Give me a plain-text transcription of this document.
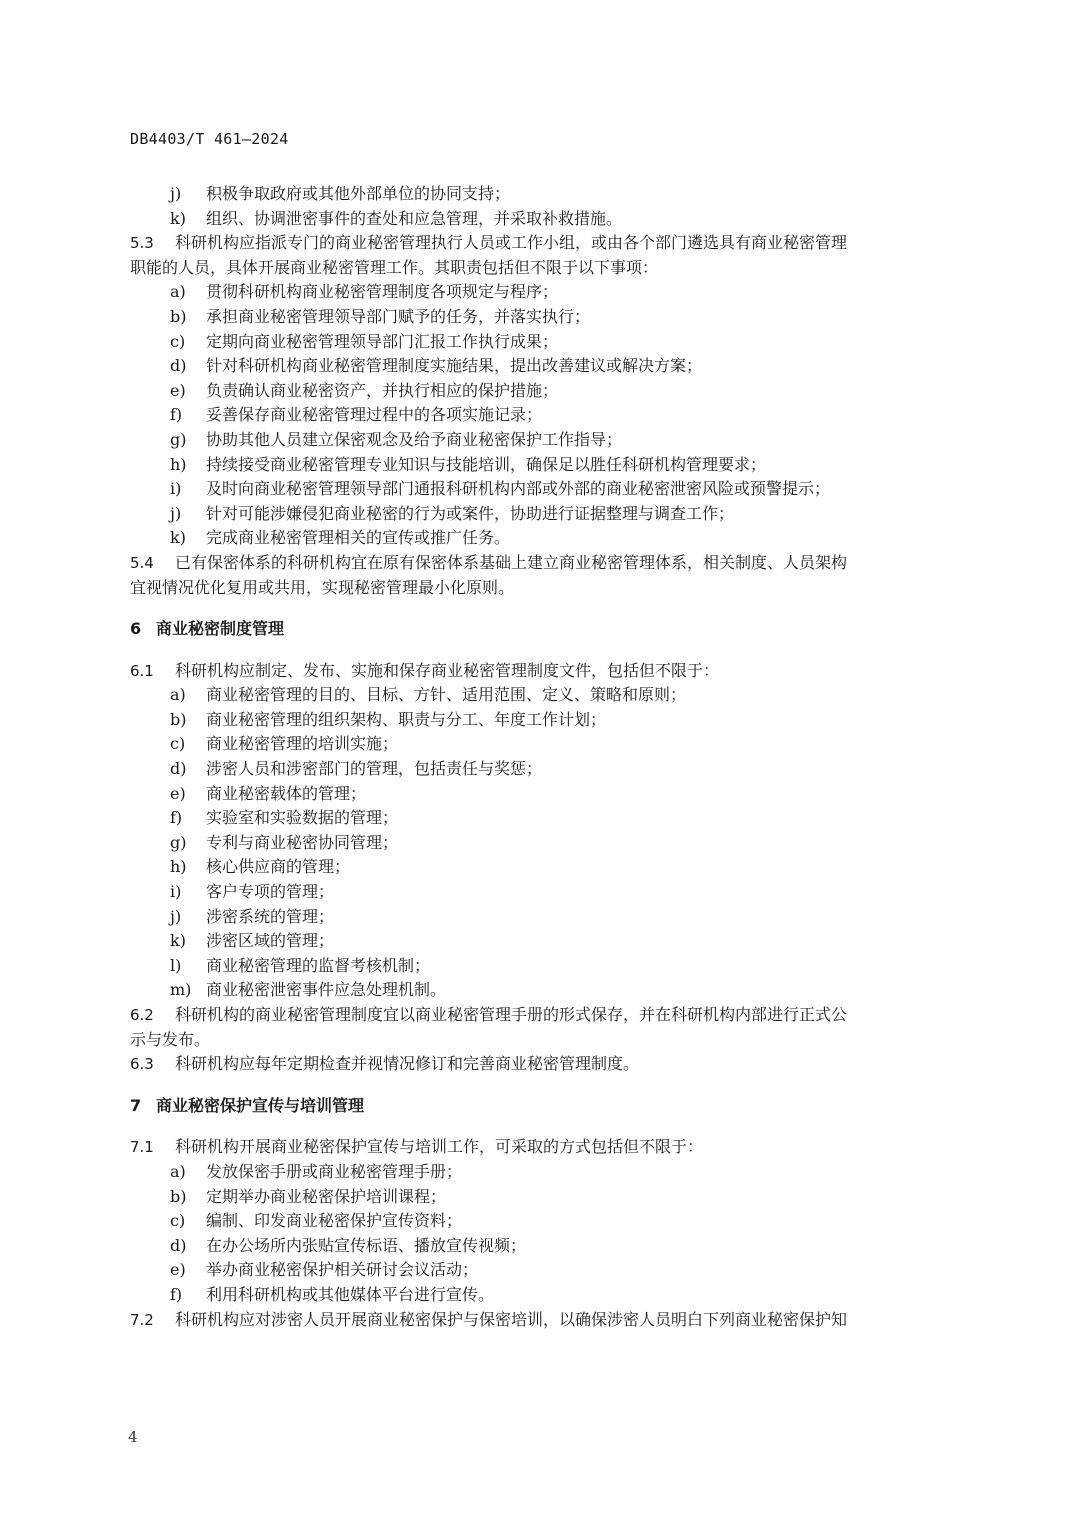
DB4403/T 461—2024
j)	积极争取政府或其他外部单位的协同支持；
k)	组织、协调泄密事件的查处和应急管理，并采取补救措施。
5.3	科研机构应指派专门的商业秘密管理执行人员或工作小组，或由各个部门遴选具有商业秘密管理
职能的人员，具体开展商业秘密管理工作。其职责包括但不限于以下事项：
a)	贯彻科研机构商业秘密管理制度各项规定与程序；
b)	承担商业秘密管理领导部门赋予的任务，并落实执行；
c)	定期向商业秘密管理领导部门汇报工作执行成果；
d)	针对科研机构商业秘密管理制度实施结果，提出改善建议或解决方案；
e)	负责确认商业秘密资产，并执行相应的保护措施；
f)	妥善保存商业秘密管理过程中的各项实施记录；
g)	协助其他人员建立保密观念及给予商业秘密保护工作指导；
h)	持续接受商业秘密管理专业知识与技能培训，确保足以胜任科研机构管理要求；
i)	及时向商业秘密管理领导部门通报科研机构内部或外部的商业秘密泄密风险或预警提示；
j)	针对可能涉嫌侵犯商业秘密的行为或案件，协助进行证据整理与调查工作；
k)	完成商业秘密管理相关的宣传或推广任务。
5.4	已有保密体系的科研机构宜在原有保密体系基础上建立商业秘密管理体系，相关制度、人员架构
宜视情况优化复用或共用，实现秘密管理最小化原则。
6 商业秘密制度管理
6.1	科研机构应制定、发布、实施和保存商业秘密管理制度文件，包括但不限于：
a)	商业秘密管理的目的、目标、方针、适用范围、定义、策略和原则；
b)	商业秘密管理的组织架构、职责与分工、年度工作计划；
c)	商业秘密管理的培训实施；
d)	涉密人员和涉密部门的管理，包括责任与奖惩；
e)	商业秘密载体的管理；
f)	实验室和实验数据的管理；
g)	专利与商业秘密协同管理；
h)	核心供应商的管理；
i)	客户专项的管理；
j)	涉密系统的管理；
k)	涉密区域的管理；
l)	商业秘密管理的监督考核机制；
m) 商业秘密泄密事件应急处理机制。
6.2	科研机构的商业秘密管理制度宜以商业秘密管理手册的形式保存，并在科研机构内部进行正式公
示与发布。
6.3	科研机构应每年定期检查并视情况修订和完善商业秘密管理制度。
7 商业秘密保护宣传与培训管理
7.1	科研机构开展商业秘密保护宣传与培训工作，可采取的方式包括但不限于：
a)	发放保密手册或商业秘密管理手册；
b)	定期举办商业秘密保护培训课程；
c)	编制、印发商业秘密保护宣传资料；
d)	在办公场所内张贴宣传标语、播放宣传视频；
e)	举办商业秘密保护相关研讨会议活动；
f)	利用科研机构或其他媒体平台进行宣传。
7.2	科研机构应对涉密人员开展商业秘密保护与保密培训，以确保涉密人员明白下列商业秘密保护知
4
